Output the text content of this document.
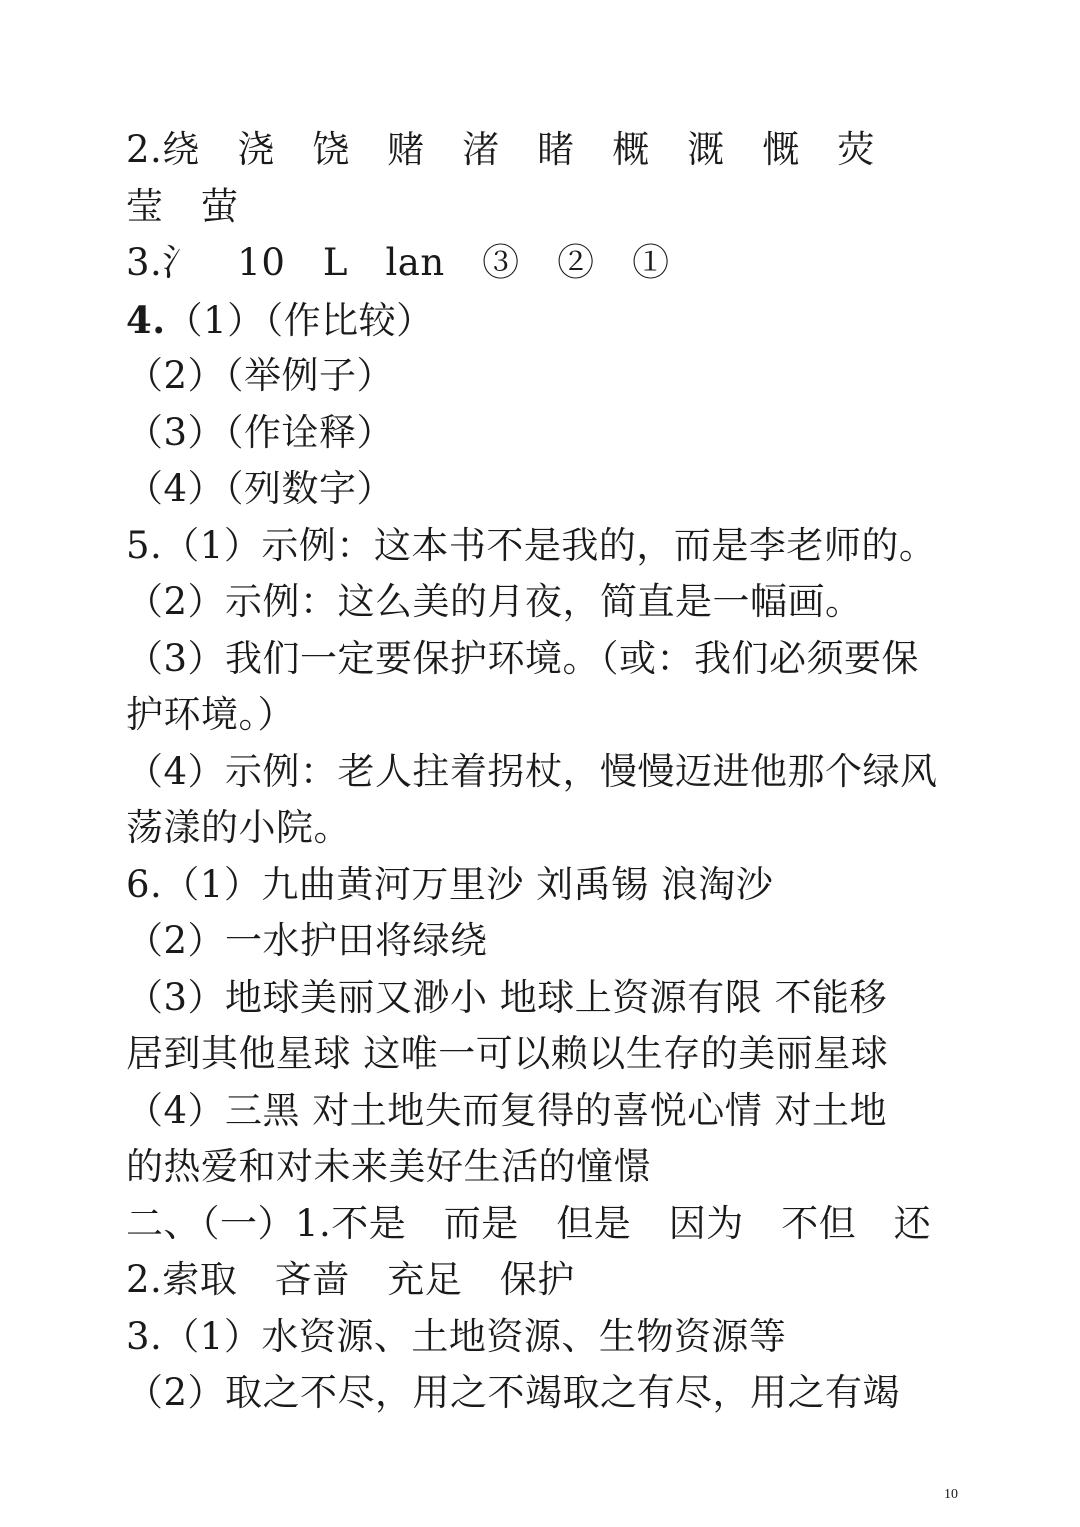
2.绕　浇　饶　赌　渚　睹　概　溉　慨　荧
莹　萤
3.氵　10　L　lan　③　②　①
4.（1）（作比较）
（2）（举例子）
（3）（作诠释）
（4）（列数字）
5.（1）示例：这本书不是我的，而是李老师的。
（2）示例：这么美的月夜，简直是一幅画。
（3）我们一定要保护环境。（或：我们必须要保
护环境。）
（4）示例：老人拄着拐杖，慢慢迈进他那个绿风
荡漾的小院。
6.（1）九曲黄河万里沙 刘禹锡 浪淘沙
（2）一水护田将绿绕
（3）地球美丽又渺小 地球上资源有限 不能移
居到其他星球 这唯一可以赖以生存的美丽星球
（4）三黑 对土地失而复得的喜悦心情 对土地
的热爱和对未来美好生活的憧憬
二、（一）1.不是　而是　但是　因为　不但　还
2.索取　吝啬　充足　保护
3.（1）水资源、土地资源、生物资源等
（2）取之不尽，用之不竭取之有尽，用之有竭
10
